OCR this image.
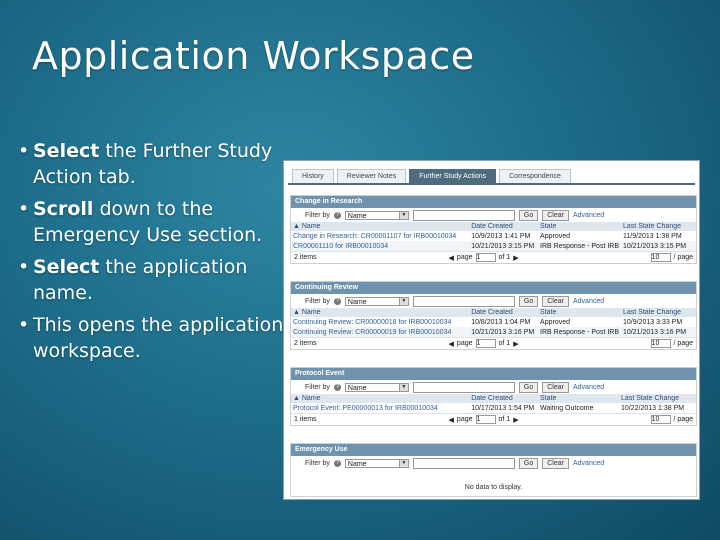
Application Workspace
• Select the Further Study Action tab.
• Scroll down to the Emergency Use section.
• Select the application name.
• This opens the application workspace.
History	Reviewer Notes	Further Study Actions	Correspondence
Change in Research
Filter by ?	Name	▼	Go	Clear	Advanced
▲ Name	Date Created	State	Last State Change
Change in Research: CR00001107 for IRB00010034	10/9/2013 1:41 PM	Approved	11/9/2013 1:38 PM
CR00001110 for IRB00010034	10/21/2013 3:15 PM	IRB Response - Post IRB	10/21/2013 3:15 PM
2 items	◀ page 1	of 1 ▶	10	/ page
Continuing Review
Filter by ?	Name	▼	Go	Clear	Advanced
▲ Name	Date Created	State	Last State Change
Continuing Review: CR00000018 for IRB00010034	10/8/2013 1:04 PM	Approved	10/9/2013 3:33 PM
Continuing Review: CR00000019 for IRB00010034	10/21/2013 3:16 PM	IRB Response - Post IRB	10/21/2013 3:16 PM
2 items	◀ page 1	of 1 ▶	10	/ page
Protocol Event
Filter by ?	Name	▼	Go	Clear	Advanced
▲ Name	Date Created	State	Last State Change
Protocol Event: PE00000013 for IRB00010034	10/17/2013 1:54 PM	Waiting Outcome	10/22/2013 1:38 PM
1 items	◀ page 1	of 1 ▶	10	/ page
Emergency Use
Filter by ?	Name	▼	Go	Clear	Advanced
No data to display.
